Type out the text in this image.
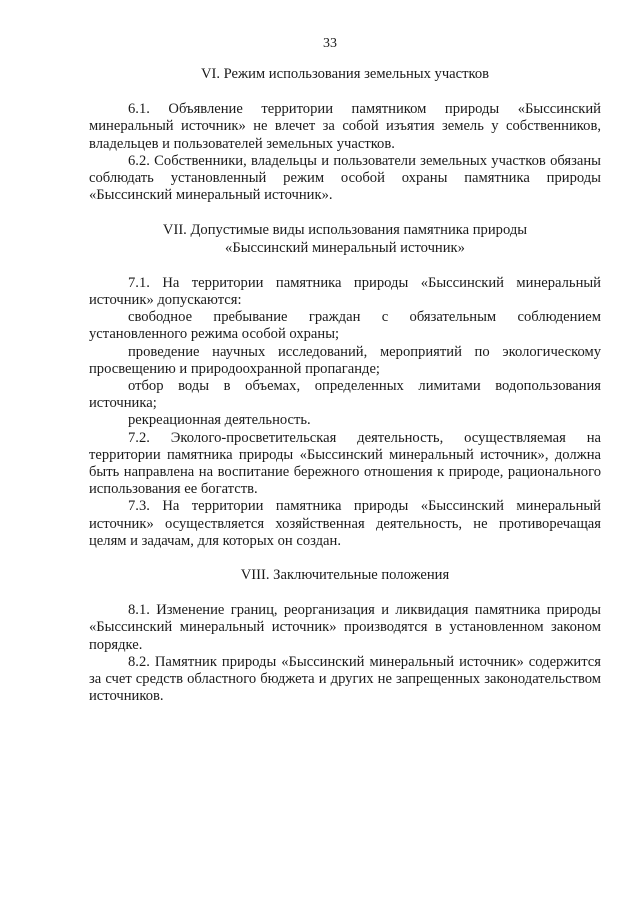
33
VI. Режим использования земельных участков

6.1. Объявление территории памятником природы «Быссинский минеральный источник» не влечет за собой изъятия земель у собственников, владельцев и пользователей земельных участков.

6.2. Собственники, владельцы и пользователи земельных участков обязаны соблюдать установленный режим особой охраны памятника природы «Быссинский минеральный источник».

VII. Допустимые виды использования памятника природы
«Быссинский минеральный источник»

7.1. На территории памятника природы «Быссинский минеральный источник» допускаются:

свободное пребывание граждан с обязательным соблюдением установленного режима особой охраны;

проведение научных исследований, мероприятий по экологическому просвещению и природоохранной пропаганде;

отбор воды в объемах, определенных лимитами водопользования источника;

рекреационная деятельность.

7.2. Эколого-просветительская деятельность, осуществляемая на территории памятника природы «Быссинский минеральный источник», должна быть направлена на воспитание бережного отношения к природе, рационального использования ее богатств.

7.3. На территории памятника природы «Быссинский минеральный источник» осуществляется хозяйственная деятельность, не противоречащая целям и задачам, для которых он создан.

VIII. Заключительные положения

8.1. Изменение границ, реорганизация и ликвидация памятника природы «Быссинский минеральный источник» производятся в установленном законом порядке.

8.2. Памятник природы «Быссинский минеральный источник» содержится за счет средств областного бюджета и других не запрещенных законодательством источников.
